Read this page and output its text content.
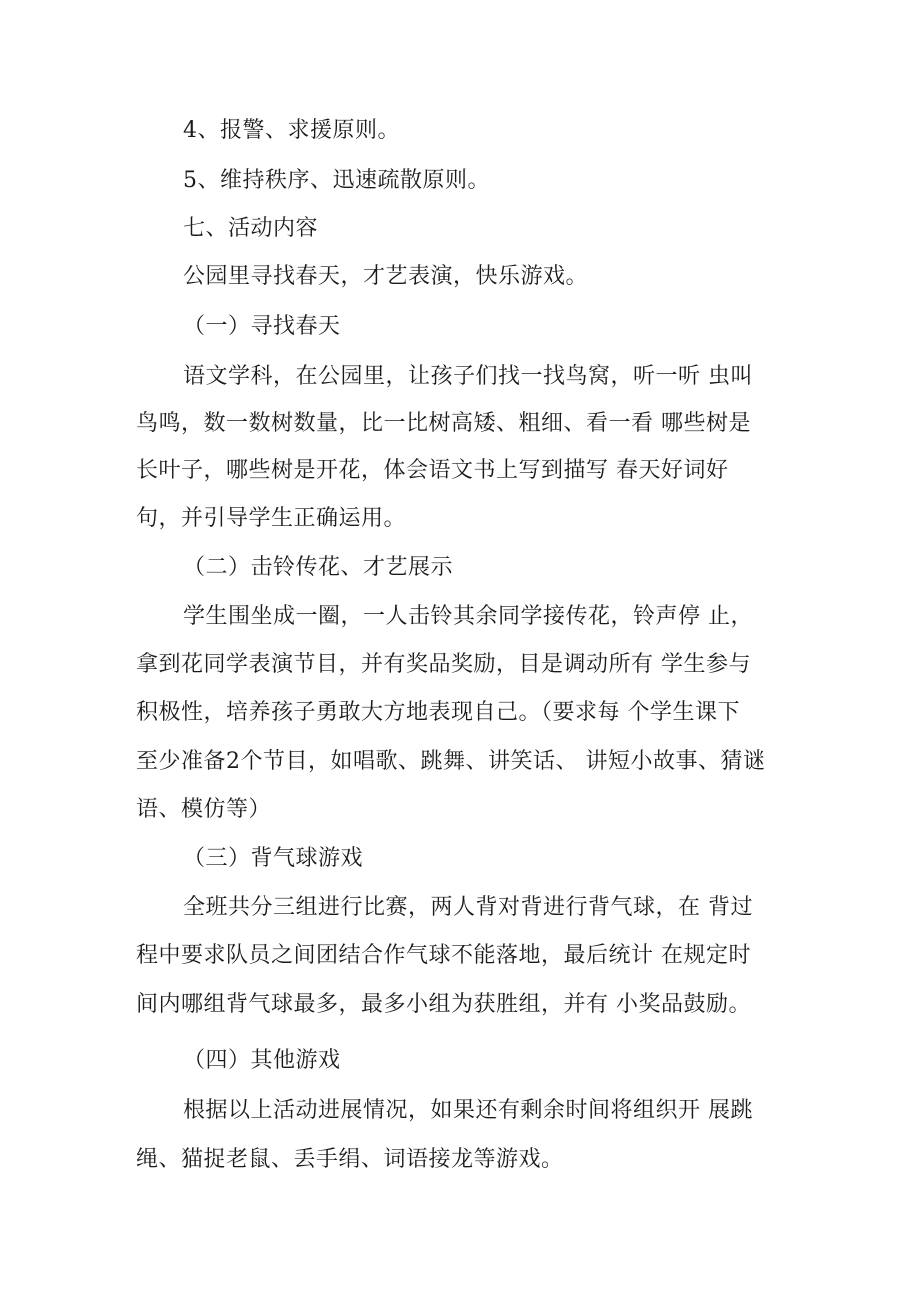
4、报警、求援原则。
5、维持秩序、迅速疏散原则。
七、活动内容
公园里寻找春天，才艺表演，快乐游戏。
（一）寻找春天
语文学科，在公园里，让孩子们找一找鸟窝，听一听 虫叫
鸟鸣，数一数树数量，比一比树高矮、粗细、看一看 哪些树是
长叶子，哪些树是开花，体会语文书上写到描写 春天好词好
句，并引导学生正确运用。
（二）击铃传花、才艺展示
学生围坐成一圈，一人击铃其余同学接传花，铃声停 止，
拿到花同学表演节目，并有奖品奖励，目是调动所有 学生参与
积极性，培养孩子勇敢大方地表现自己。（要求每 个学生课下
至少准备2个节目，如唱歌、跳舞、讲笑话、 讲短小故事、猜谜
语、模仿等）
（三）背气球游戏
全班共分三组进行比赛，两人背对背进行背气球，在 背过
程中要求队员之间团结合作气球不能落地，最后统计 在规定时
间内哪组背气球最多，最多小组为获胜组，并有 小奖品鼓励。
（四）其他游戏
根据以上活动进展情况，如果还有剩余时间将组织开 展跳
绳、猫捉老鼠、丢手绢、词语接龙等游戏。
